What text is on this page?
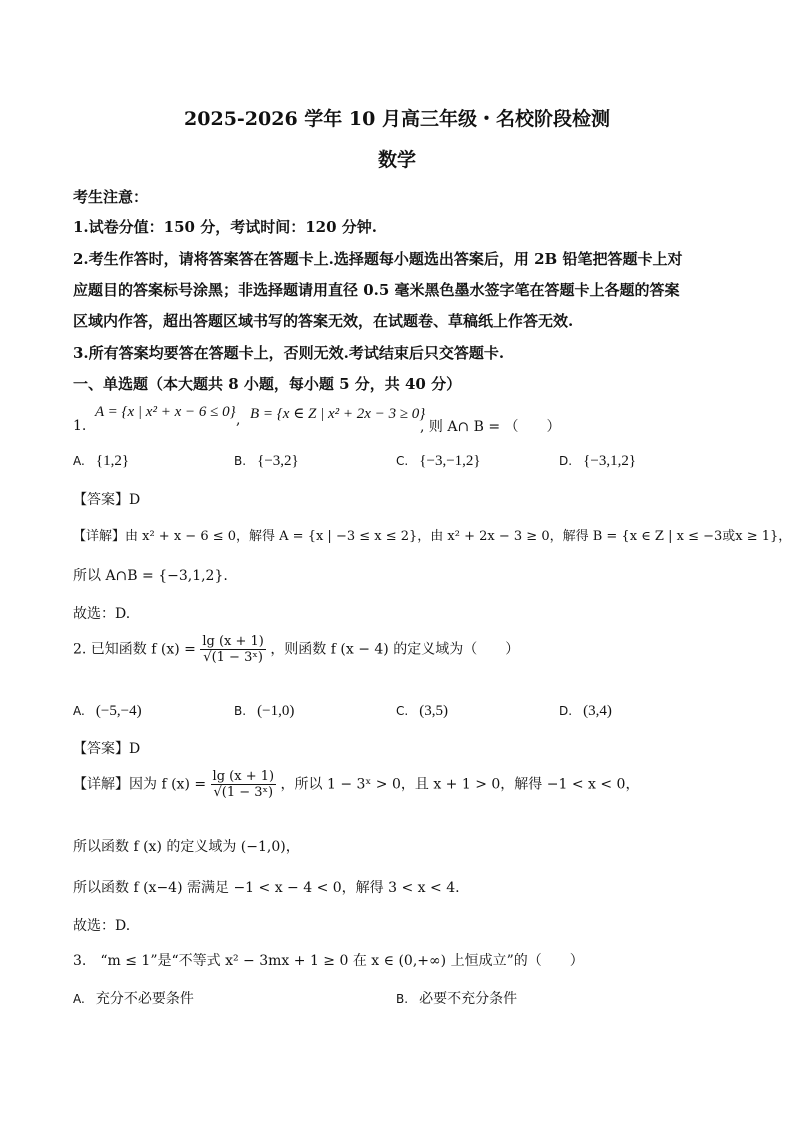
2025-2026 学年 10 月高三年级・名校阶段检测
数学
考生注意：
1.试卷分值：150 分，考试时间：120 分钟.
2.考生作答时，请将答案答在答题卡上.选择题每小题选出答案后，用 2B 铅笔把答题卡上对
应题目的答案标号涂黑；非选择题请用直径 0.5 毫米黑色墨水签字笔在答题卡上各题的答案
区域内作答，超出答题区域书写的答案无效，在试题卷、草稿纸上作答无效.
3.所有答案均要答在答题卡上，否则无效.考试结束后只交答题卡.
一、单选题（本大题共 8 小题，每小题 5 分，共 40 分）
1.
A = {x | x² + x − 6 ≤ 0} , B = {x ∈ Z | x² + 2x − 3 ≥ 0}
, 则 A∩ B = （　　）
A. {1,2}	B. {−3,2}	C. {−3,−1,2}	D. {−3,1,2}
【答案】D
【详解】由 x² + x − 6 ≤ 0，解得 A = {x | −3 ≤ x ≤ 2}，由 x² + 2x − 3 ≥ 0，解得 B = {x ∈ Z | x ≤ −3或x ≥ 1}，
所以 A∩B = {−3,1,2}.
故选：D.
2. 已知函数 f $(x) = \frac{\lg (x + 1)}{\text{√(1 − 3ˣ)}}$ ，则函数 f (x − 4) 的定义域为（　　）
A. (−5,−4)	B. (−1,0)	C. (3,5)	D. (3,4)
【答案】D
【详解】因为 f $(x) = \frac{\lg (x + 1)}{\text{√(1 − 3ˣ)}}$ ，所以 1 − 3ˣ > 0，且 x + 1 > 0，解得 −1 < x < 0，
所以函数 f (x) 的定义域为 (−1,0)，
所以函数 f (x−4) 需满足 −1 < x − 4 < 0，解得 3 < x < 4.
故选：D.
3.　“m ≤ 1”是“不等式 x² − 3mx + 1 ≥ 0 在 x ∈ (0,+∞) 上恒成立”的（　　）
A. 充分不必要条件	B. 必要不充分条件
